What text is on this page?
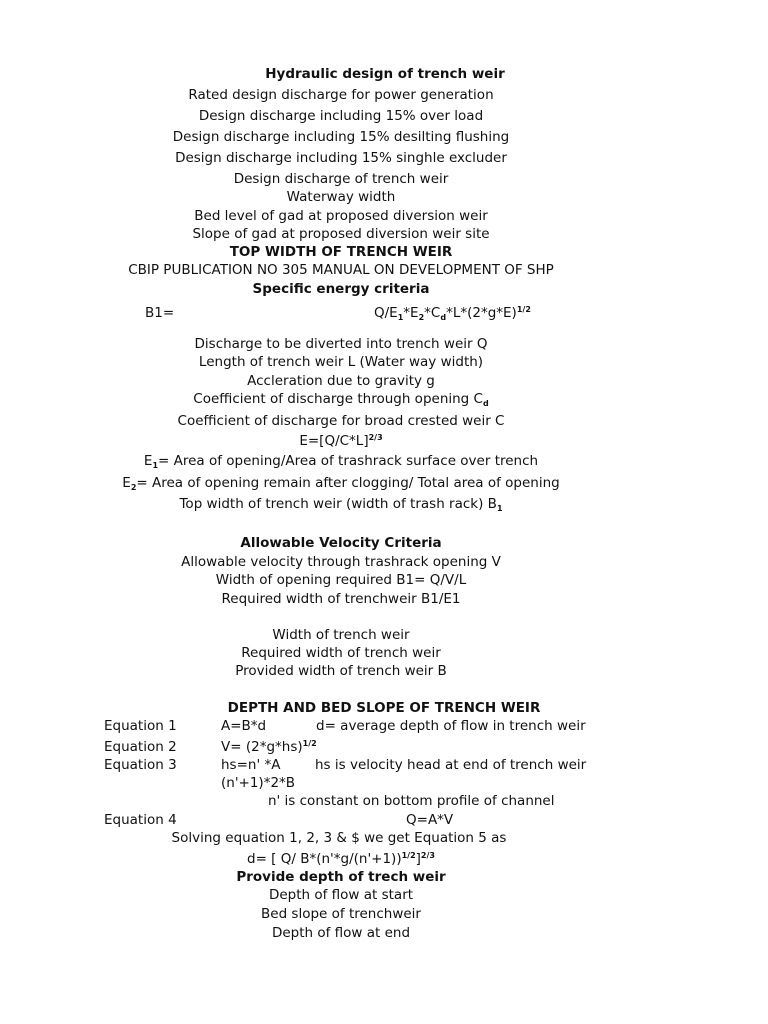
Hydraulic design of trench weir
Rated design discharge for power generation
Design discharge including 15% over load
Design discharge including 15% desilting flushing
Design discharge including 15% singhle excluder
Design discharge of trench weir
Waterway width
Bed level of gad at proposed diversion weir
Slope of gad at proposed diversion weir site
TOP WIDTH OF TRENCH WEIR
CBIP PUBLICATION NO 305 MANUAL ON DEVELOPMENT OF SHP
Specific energy criteria
B1=	$Q/E_1*E_2*C_d*L*(2*g*E)^{1/2}$
Discharge to be diverted into trench weir Q
Length of trench weir L (Water way width)
Accleration due to gravity g
Coefficient of discharge through opening $C_d$
Coefficient of discharge for broad crested weir C
$E=[Q/C*L]^{2/3}$
$E_1=$ Area of opening/Area of trashrack surface over trench
$E_2=$ Area of opening remain after clogging/ Total area of opening
Top width of trench weir (width of trash rack) $B_1$
Allowable Velocity Criteria
Allowable velocity through trashrack opening V
Width of opening required B1= Q/V/L
Required width of trenchweir B1/E1
Width of trench weir
Required width of trench weir
Provided width of trench weir B
DEPTH AND BED SLOPE OF TRENCH WEIR
Equation 1	A=B*d	d= average depth of flow in trench weir
Equation 2	$V= (2*g*hs)^{1/2}$
Equation 3	hs=n' *A	hs is velocity head at end of trench weir
(n'+1)*2*B
n' is constant on bottom profile of channel
Equation 4	Q=A*V
Solving equation 1, 2, 3 & $ we get Equation 5 as
d= [ Q/ $B*(n'*g/(n'+1))^{1/2}]^{2/3}$
Provide depth of trech weir
Depth of flow at start
Bed slope of trenchweir
Depth of flow at end
